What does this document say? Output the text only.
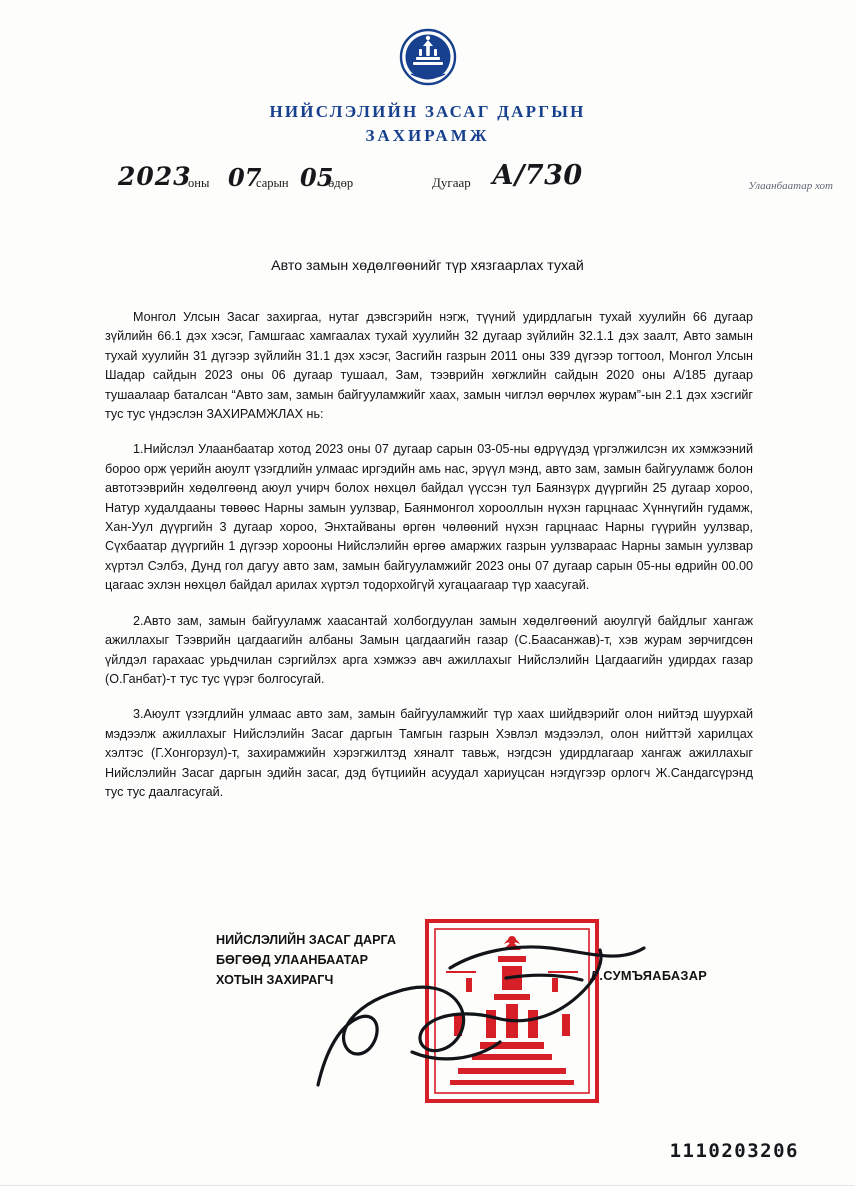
НИЙСЛЭЛИЙН ЗАСАГ ДАРГЫН
ЗАХИРАМЖ
2023
оны 07
сарын 05
өдөр	Дугаар А/730	Улаанбаатар хот
Авто замын хөдөлгөөнийг түр хязгаарлах тухай

Монгол Улсын Засаг захиргаа, нутаг дэвсгэрийн нэгж, түүний удирдлагын тухай хуулийн 66 дугаар зүйлийн 66.1 дэх хэсэг, Гамшгаас хамгаалах тухай хуулийн 32 дугаар зүйлийн 32.1.1 дэх заалт, Авто замын тухай хуулийн 31 дүгээр зүйлийн 31.1 дэх хэсэг, Засгийн газрын 2011 оны 339 дүгээр тогтоол, Монгол Улсын Шадар сайдын 2023 оны 06 дугаар тушаал, Зам, тээврийн хөгжлийн сайдын 2020 оны А/185 дугаар тушаалаар баталсан “Авто зам, замын байгууламжийг хаах, замын чиглэл өөрчлөх журам”-ын 2.1 дэх хэсгийг тус тус үндэслэн ЗАХИРАМЖЛАХ нь:

1.Нийслэл Улаанбаатар хотод 2023 оны 07 дугаар сарын 03-05-ны өдрүүдэд үргэлжилсэн их хэмжээний бороо орж үерийн аюулт үзэгдлийн улмаас иргэдийн амь нас, эрүүл мэнд, авто зам, замын байгууламж болон автотээврийн хөдөлгөөнд аюул учирч болох нөхцөл байдал үүссэн тул Баянзүрх дүүргийн 25 дугаар хороо, Натур худалдааны төвөөс Нарны замын уулзвар, Баянмонгол хорооллын нүхэн гарцнаас Хүннүгийн гудамж, Хан-Уул дүүргийн 3 дугаар хороо, Энхтайваны өргөн чөлөөний нүхэн гарцнаас Нарны гүүрийн уулзвар, Сүхбаатар дүүргийн 1 дүгээр хорооны Нийслэлийн өргөө амаржих газрын уулзвараас Нарны замын уулзвар хүртэл Сэлбэ, Дунд гол дагуу авто зам, замын байгууламжийг 2023 оны 07 дугаар сарын 05-ны өдрийн 00.00 цагаас эхлэн нөхцөл байдал арилах хүртэл тодорхойгүй хугацаагаар түр хаасугай.

2.Авто зам, замын байгууламж хаасантай холбогдуулан замын хөдөлгөөний аюулгүй байдлыг хангаж ажиллахыг Тээврийн цагдаагийн албаны Замын цагдаагийн газар (С.Баасанжав)-т, хэв журам зөрчигдсөн үйлдэл гарахаас урьдчилан сэргийлэх арга хэмжээ авч ажиллахыг Нийслэлийн Цагдаагийн удирдах газар (О.Ганбат)-т тус тус үүрэг болгосугай.

3.Аюулт үзэгдлийн улмаас авто зам, замын байгууламжийг түр хаах шийдвэрийг олон нийтэд шуурхай мэдээлж ажиллахыг Нийслэлийн Засаг даргын Тамгын газрын Хэвлэл мэдээлэл, олон нийттэй харилцах хэлтэс (Г.Хонгорзул)-т, захирамжийн хэрэгжилтэд хяналт тавьж, нэгдсэн удирдлагаар хангаж ажиллахыг Нийслэлийн Засаг даргын эдийн засаг, дэд бүтциийн асуудал хариуцсан нэгдүгээр орлогч Ж.Сандагсүрэнд тус тус даалгасугай.

НИЙСЛЭЛИЙН ЗАСАГ ДАРГА
БӨГӨӨД УЛААНБААТАР
ХОТЫН ЗАХИРАГЧ	Д.СУМЪЯАБАЗАР
1110203206
